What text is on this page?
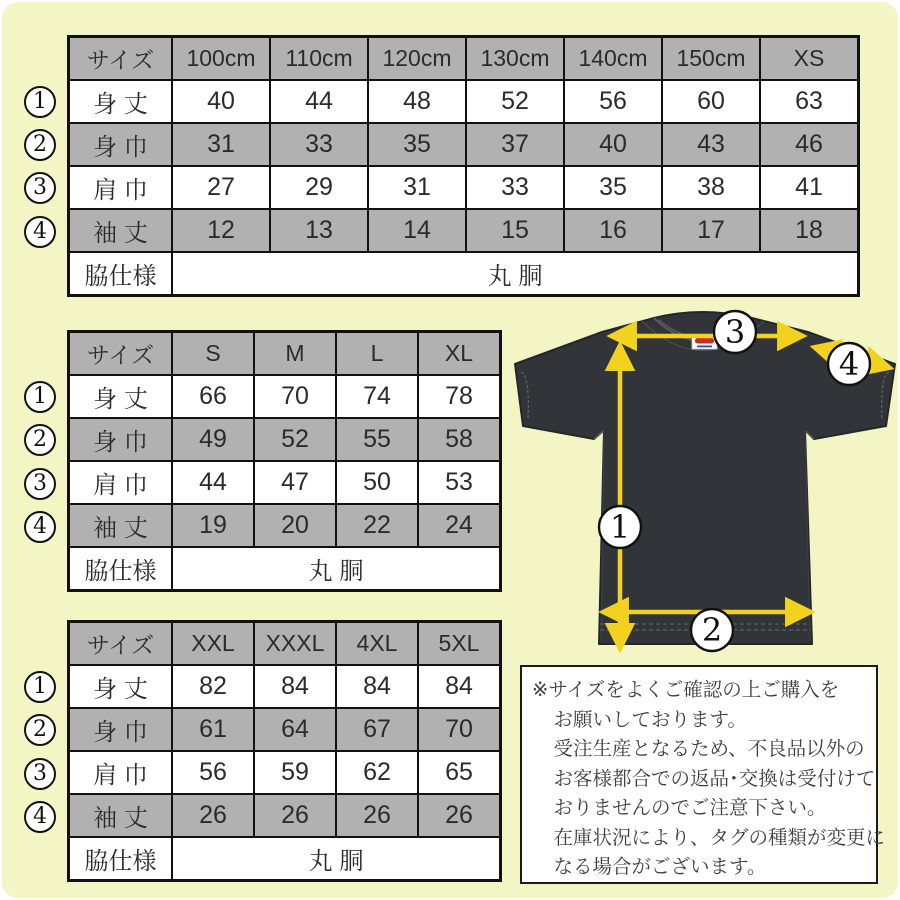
サイズ	100cm	110cm	120cm	130cm	140cm	150cm	XS
身 丈	40	44	48	52	56	60	63
身 巾	31	33	35	37	40	43	46
肩 巾	27	29	31	33	35	38	41
袖 丈	12	13	14	15	16	17	18
脇仕様	丸 胴						
サイズ	S	M	L	XL
身 丈	66	70	74	78
身 巾	49	52	55	58
肩 巾	44	47	50	53
袖 丈	19	20	22	24
脇仕様	丸 胴			
サイズ	XXL	XXXL	4XL	5XL
身 丈	82	84	84	84
身 巾	61	64	67	70
肩 巾	56	59	62	65
袖 丈	26	26	26	26
脇仕様	丸 胴			
1
2
3
4
1
2
3
4
1
2
3
4
1
2
3
4
※サイズをよくご確認の上ご購入を
お願いしております。
受注生産となるため、不良品以外の
お客様都合での返品･交換は受付けて
おりませんのでご注意下さい。
在庫状況により、タグの種類が変更に
なる場合がございます。
